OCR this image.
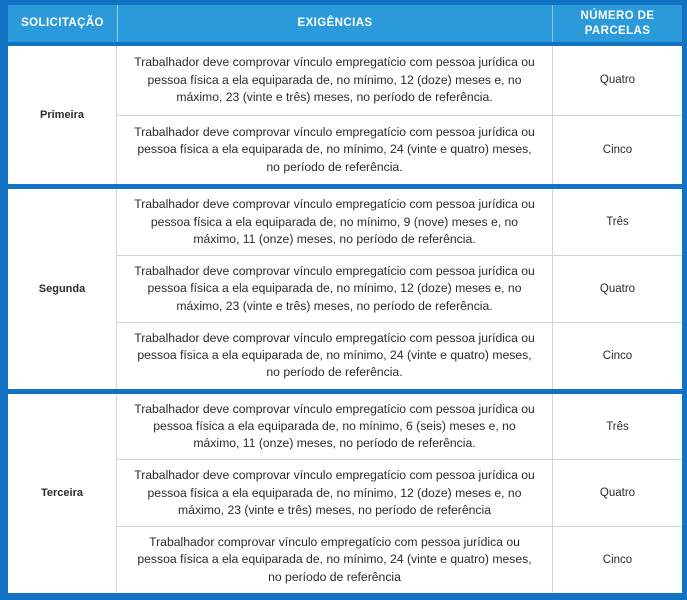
SOLICITAÇÃO	EXIGÊNCIAS
NÚMERO DE
PARCELAS
Primeira
Trabalhador deve comprovar vínculo empregatício com pessoa jurídica ou pessoa física a ela equiparada de, no mínimo, 12 (doze) meses e, no máximo, 23 (vinte e três) meses, no período de referência.
Quatro
Trabalhador deve comprovar vínculo empregatício com pessoa jurídica ou pessoa física a ela equiparada de, no mínimo, 24 (vinte e quatro) meses, no período de referência.
Cinco
Segunda
Trabalhador deve comprovar vínculo empregatício com pessoa jurídica ou pessoa física a ela equiparada de, no mínimo, 9 (nove) meses e, no máximo, 11 (onze) meses, no período de referência.
Três
Trabalhador deve comprovar vínculo empregatício com pessoa jurídica ou pessoa física a ela equiparada de, no mínimo, 12 (doze) meses e, no máximo, 23 (vinte e três) meses, no período de referência.
Quatro
Trabalhador deve comprovar vínculo empregatício com pessoa jurídica ou pessoa física a ela equiparada de, no mínimo, 24 (vinte e quatro) meses, no período de referência.
Cinco
Terceira
Trabalhador deve comprovar vínculo empregatício com pessoa jurídica ou pessoa física a ela equiparada de, no mínimo, 6 (seis) meses e, no máximo, 11 (onze) meses, no período de referência.
Três
Trabalhador deve comprovar vínculo empregatício com pessoa jurídica ou pessoa física a ela equiparada de, no mínimo, 12 (doze) meses e, no máximo, 23 (vinte e três) meses, no período de referência
Quatro
Trabalhador comprovar vínculo empregatício com pessoa jurídica ou pessoa física a ela equiparada de, no mínimo, 24 (vinte e quatro) meses, no período de referência
Cinco
